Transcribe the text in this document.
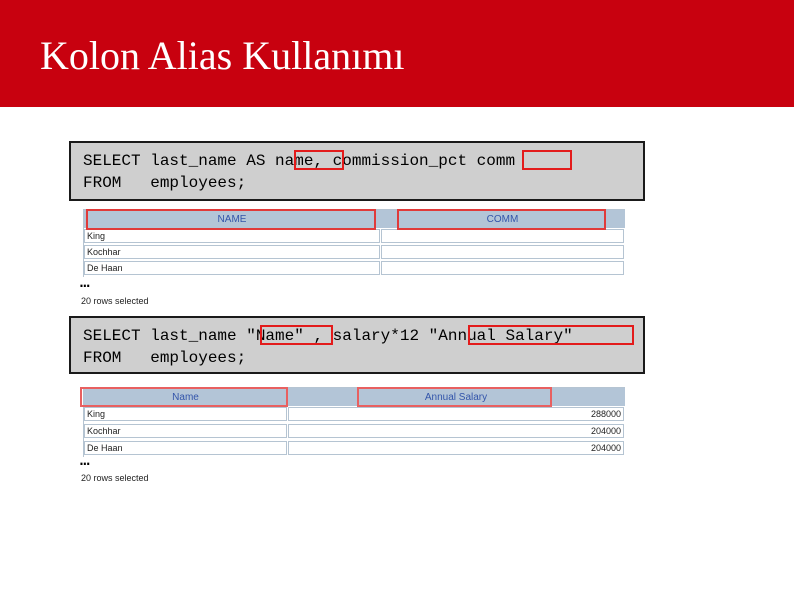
Kolon Alias Kullanımı
SELECT last_name AS name, commission_pct comm
FROM   employees;
NAME	COMM
King
Kochhar
De Haan
…
20 rows selected
SELECT last_name "Name" , salary*12 "Annual Salary"
FROM   employees;
Name	Annual Salary
King	288000
Kochhar	204000
De Haan	204000
…
20 rows selected
